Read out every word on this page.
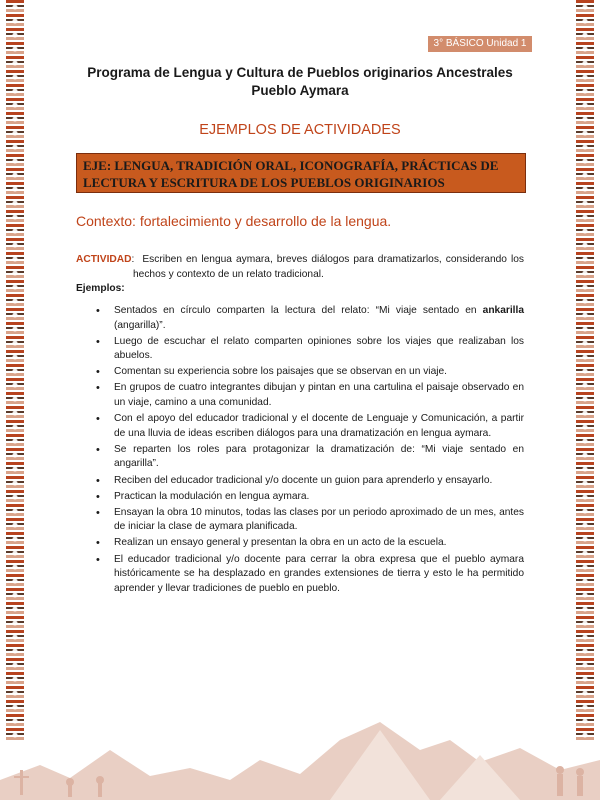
3° BÁSICO Unidad 1
Programa de Lengua y Cultura de Pueblos originarios Ancestrales
Pueblo Aymara
EJEMPLOS DE ACTIVIDADES
EJE: LENGUA, TRADICIÓN ORAL, ICONOGRAFÍA, PRÁCTICAS DE LECTURA Y ESCRITURA DE LOS PUEBLOS ORIGINARIOS
Contexto: fortalecimiento y desarrollo de la lengua.
ACTIVIDAD:  Escriben en lengua aymara, breves diálogos para dramatizarlos, considerando los hechos y contexto de un relato tradicional.
Ejemplos:
• Sentados en círculo comparten la lectura del relato: “Mi viaje sentado en ankarilla (angarilla)”.
• Luego de escuchar el relato comparten opiniones sobre los viajes que realizaban los abuelos.
• Comentan su experiencia sobre los paisajes que se observan en un viaje.
• En grupos de cuatro integrantes dibujan y pintan en una cartulina el paisaje observado en un viaje, camino a una comunidad.
• Con el apoyo del educador tradicional y el docente de Lenguaje y Comunicación, a partir de una lluvia de ideas escriben diálogos para una dramatización en lengua aymara.
• Se reparten los roles para protagonizar la dramatización de: “Mi viaje sentado en angarilla”.
• Reciben del educador tradicional y/o docente un guion para aprenderlo y ensayarlo.
• Practican la modulación en lengua aymara.
• Ensayan la obra 10 minutos, todas las clases por un periodo aproximado de un mes, antes de iniciar la clase de aymara planificada.
• Realizan un ensayo general y presentan la obra en un acto de la escuela.
• El educador tradicional y/o docente para cerrar la obra expresa que el pueblo aymara históricamente se ha desplazado en grandes extensiones de tierra y esto le ha permitido aprender y llevar tradiciones de pueblo en pueblo.
